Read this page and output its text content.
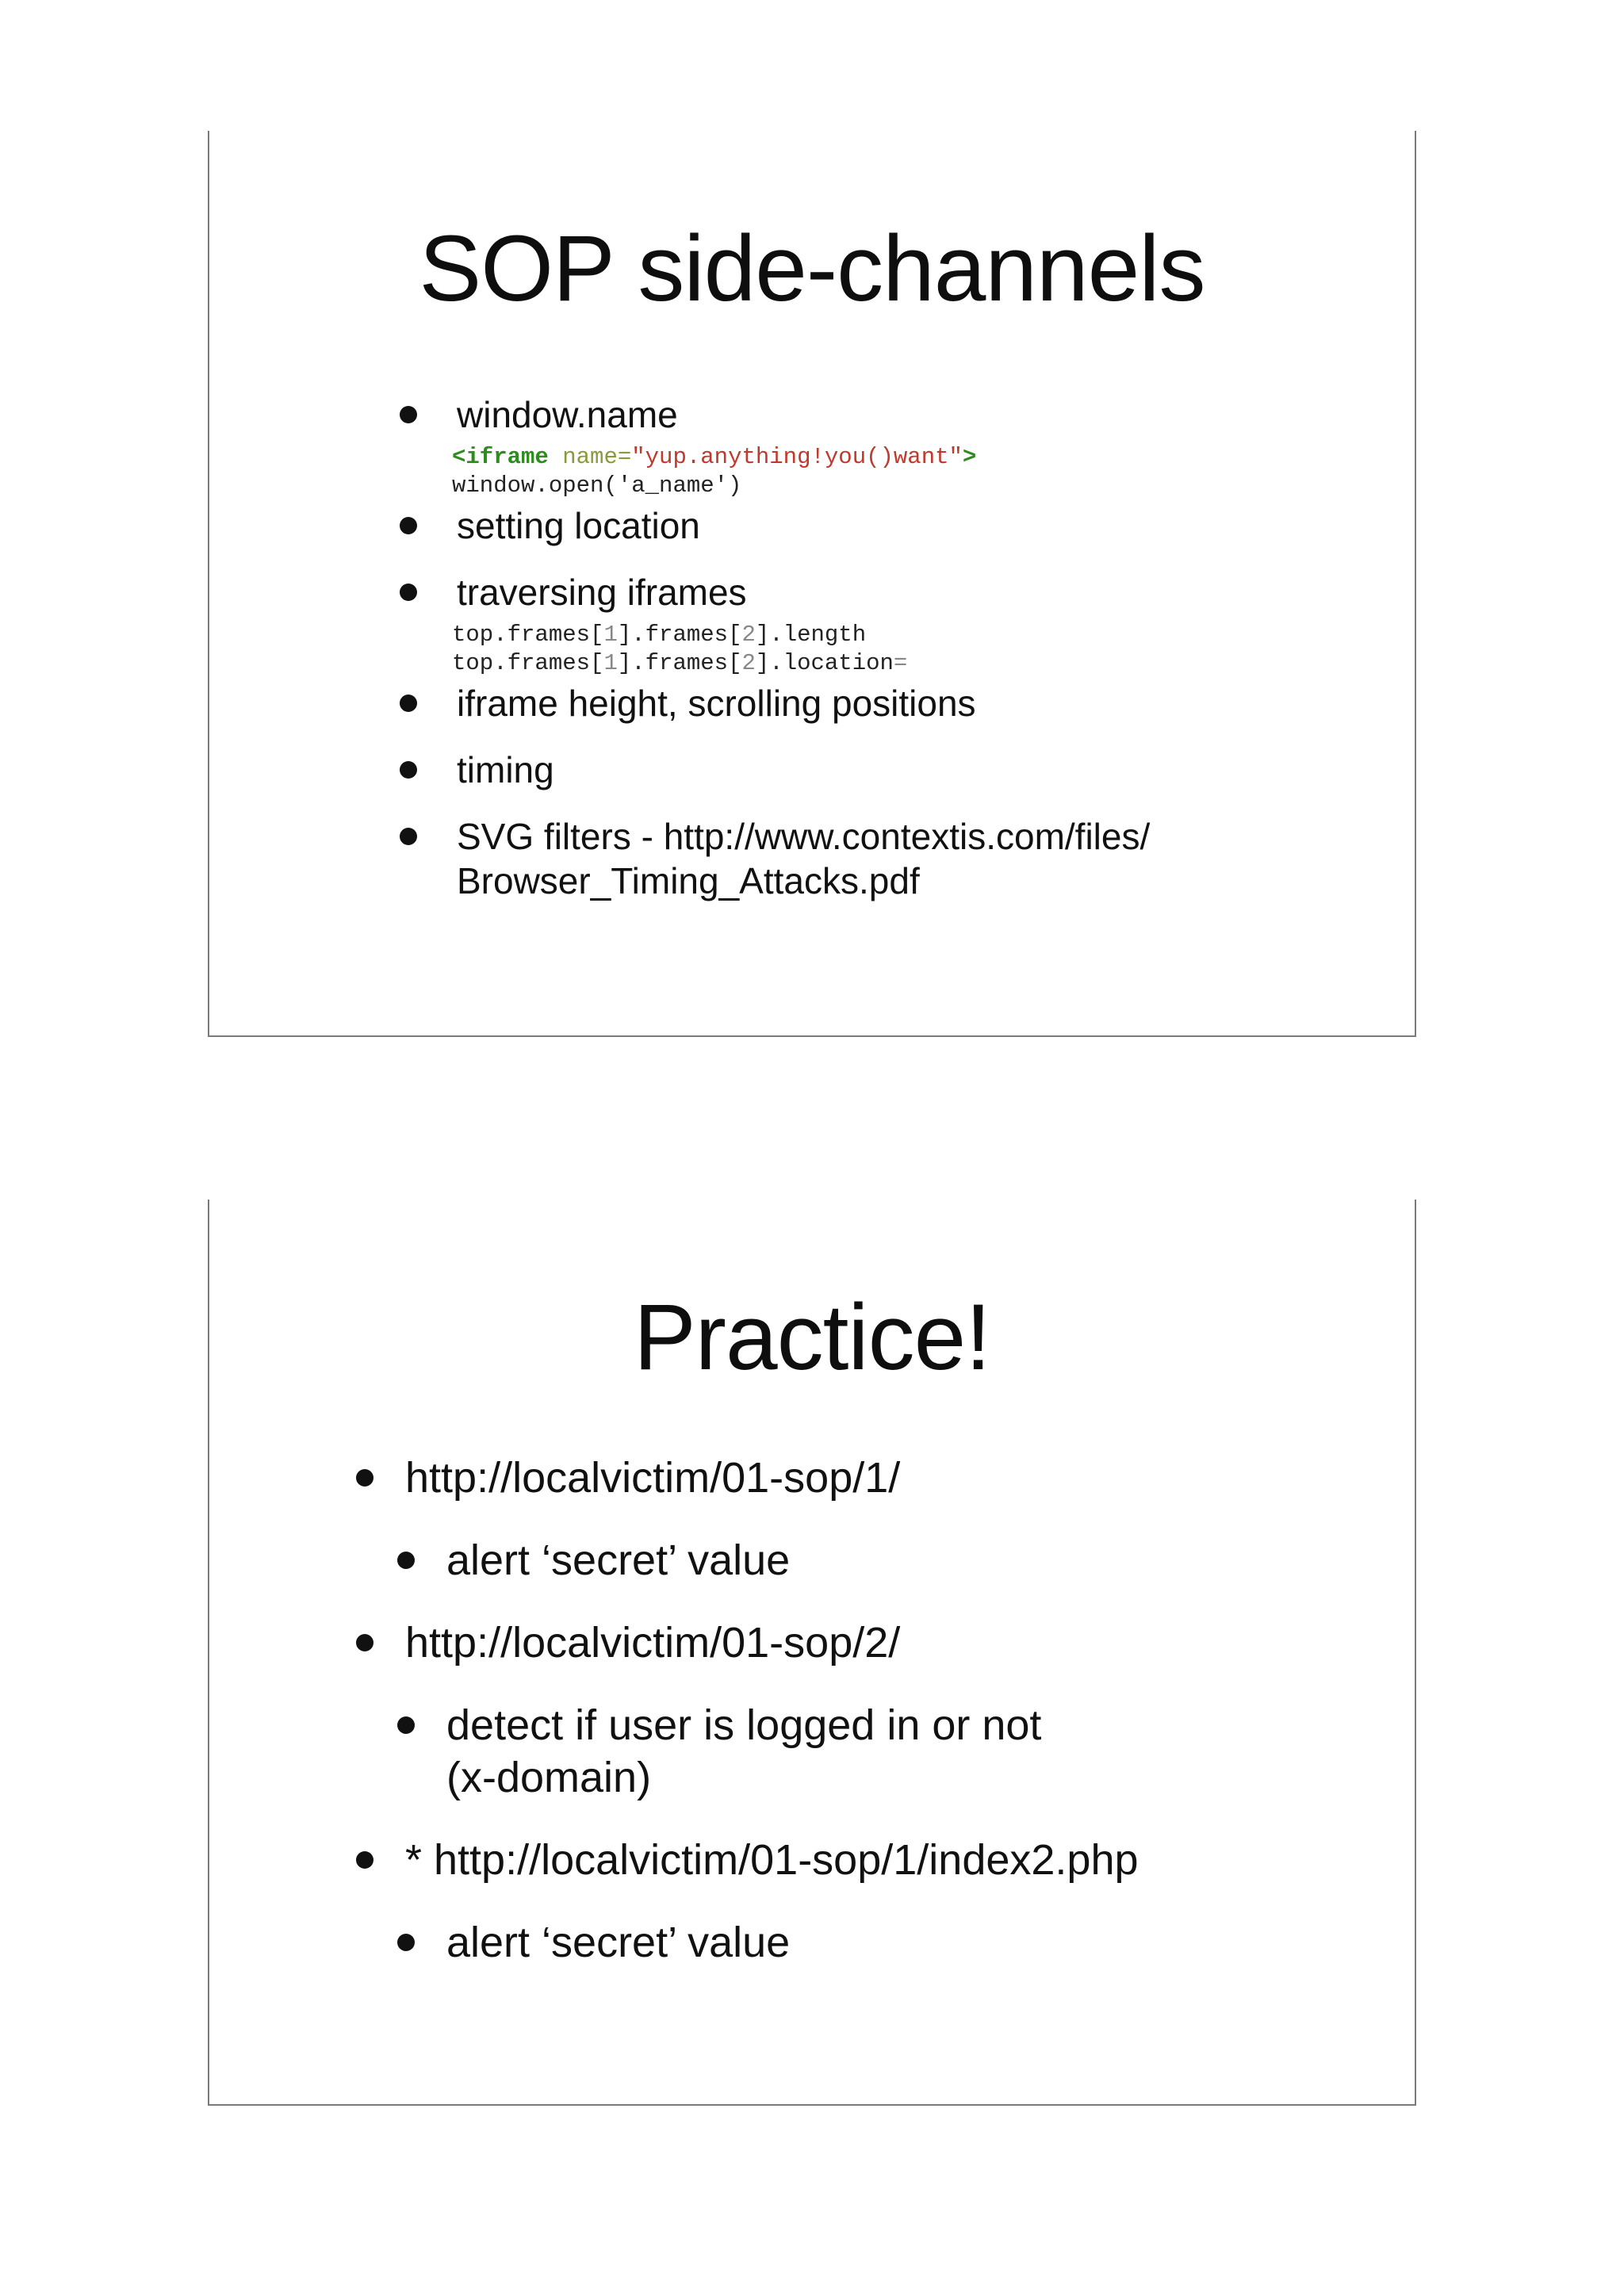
SOP side-channels
window.name
<iframe name="yup.anything!you()want">
window.open('a_name')
setting location
traversing iframes
top.frames[1].frames[2].length
top.frames[1].frames[2].location=
iframe height, scrolling positions
timing
SVG filters - http://www.contextis.com/files/
Browser_Timing_Attacks.pdf
Practice!
http://localvictim/01-sop/1/
alert ‘secret’ value
http://localvictim/01-sop/2/
detect if user is logged in or not
(x-domain)
* http://localvictim/01-sop/1/index2.php
alert ‘secret’ value
